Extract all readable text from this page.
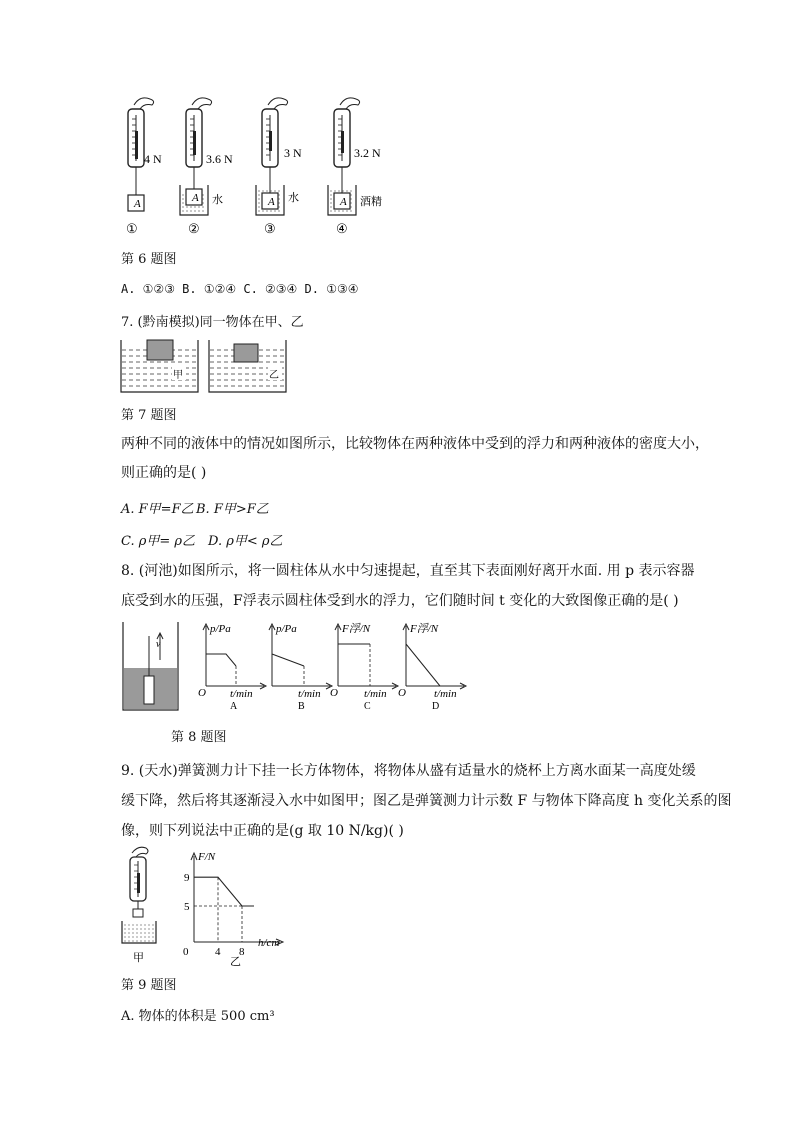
4 N
A
3.6 N
A 水
3 N
A 水
3.2 N
A 酒精
①	②	③	④
第 6 题图
A. ①②③ B. ①②④ C. ②③④ D. ①③④
7. (黔南模拟)同一物体在甲、乙
甲	乙
第 7 题图
两种不同的液体中的情况如图所示，比较物体在两种液体中受到的浮力和两种液体的密度大小，
则正确的是( )
A. F甲=F乙 B. F甲>F乙
C. ρ甲= ρ乙 D. ρ甲< ρ乙
8. (河池)如图所示，将一圆柱体从水中匀速提起，直至其下表面刚好离开水面. 用 p 表示容器
底受到水的压强，F浮表示圆柱体受到水的浮力，它们随时间 t 变化的大致图像正确的是( )
v
p/Pa
O t/min
A
p/Pa
t/min
B
F浮/N
O t/min
C
F浮/N
O	t/min
D
第 8 题图
9. (天水)弹簧测力计下挂一长方体物体，将物体从盛有适量水的烧杯上方离水面某一高度处缓
缓下降，然后将其逐渐浸入水中如图甲；图乙是弹簧测力计示数 F 与物体下降高度 h 变化关系的图
像，则下列说法中正确的是(g 取 10 N/kg)( )
甲
F/N
h/cm
9
5
0 4 8
乙
第 9 题图
A. 物体的体积是 500 cm³
